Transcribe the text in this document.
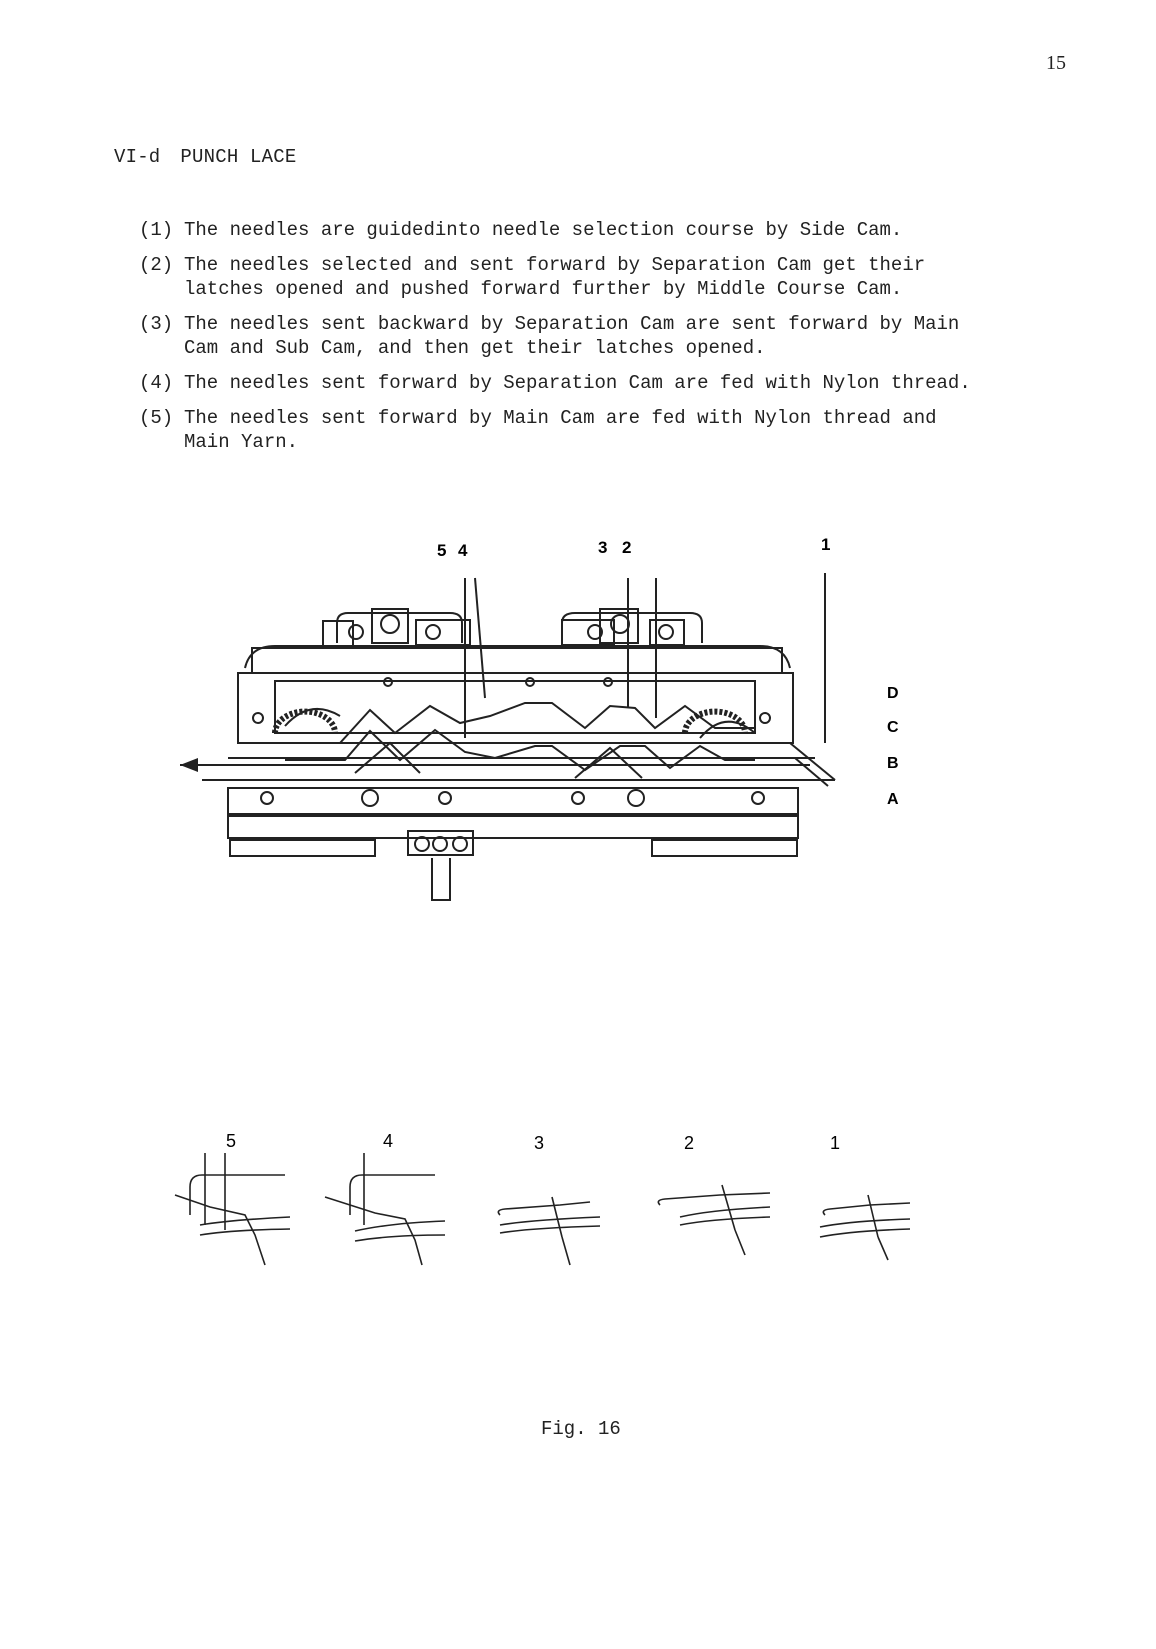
15
VI-d PUNCH LACE
(1) The needles are guidedinto needle selection course by Side Cam.
(2) The needles selected and sent forward by Separation Cam get their
latches opened and pushed forward further by Middle Course Cam.
(3) The needles sent backward by Separation Cam are sent forward by Main
Cam and Sub Cam, and then get their latches opened.
(4) The needles sent forward by Separation Cam are fed with Nylon thread.
(5) The needles sent forward by Main Cam are fed with Nylon thread and
Main Yarn.
5 4	3 2	1
D
C
B
A
5	4	3	2	1
Fig. 16
